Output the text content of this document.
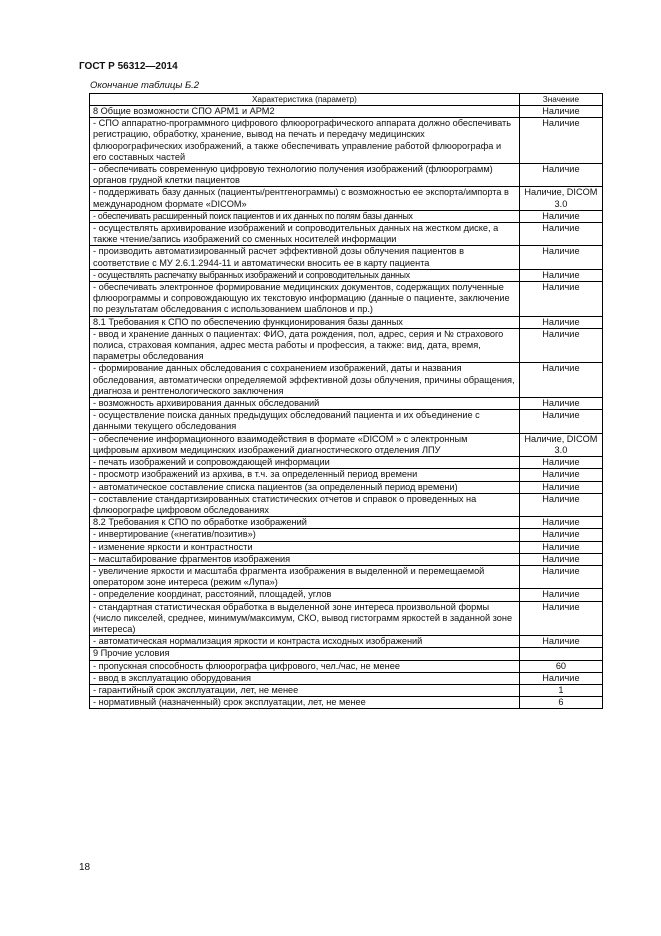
ГОСТ Р 56312—2014
Окончание таблицы Б.2
Характеристика (параметр)	Значение
8 Общие возможности СПО АРМ1 и АРМ2	Наличие
- СПО аппаратно-программного цифрового флюорографического аппарата должно обеспечивать регистрацию, обработку, хранение, вывод на печать и передачу медицинских флюорографических изображений, а также обеспечивать управление работой флюорографа и его составных частей	Наличие
- обеспечивать современную цифровую технологию получения изображений (флюорограмм) органов грудной клетки пациентов	Наличие
- поддерживать базу данных (пациенты/рентгенограммы) с возможностью ее экспорта/импорта в международном формате «DICOM»	Наличие, DICOM 3.0
- обеспечивать расширенный поиск пациентов и их данных по полям базы данных	Наличие
- осуществлять архивирование изображений и сопроводительных данных на жестком диске, а также чтение/запись изображений со сменных носителей информации	Наличие
- производить автоматизированный расчет эффективной дозы облучения пациентов в соответствие с МУ 2.6.1.2944-11 и автоматически вносить ее в карту пациента	Наличие
- осуществлять распечатку выбранных изображений и сопроводительных данных	Наличие
- обеспечивать электронное формирование медицинских документов, содержащих полученные флюорограммы и сопровождающую их текстовую информацию (данные о пациенте, заключение по результатам обследования с использованием шаблонов и пр.)	Наличие
8.1 Требования к СПО по обеспечению функционирования базы данных	Наличие
- ввод и хранение данных о пациентах: ФИО, дата рождения, пол, адрес, серия и № страхового полиса, страховая компания, адрес места работы и профессия, а также: вид, дата, время, параметры обследования	Наличие
- формирование данных обследования с сохранением изображений, даты и названия обследования, автоматически определяемой эффективной дозы облучения, причины обращения, диагноза и рентгенологического заключения	Наличие
- возможность архивирования данных обследований	Наличие
- осуществление поиска данных предыдущих обследований пациента и их объединение с данными текущего обследования	Наличие
- обеспечение информационного взаимодействия в формате «DICOM » с электронным цифровым архивом медицинских изображений диагностического отделения ЛПУ	Наличие, DICOM 3.0
- печать изображений и сопровождающей информации	Наличие
- просмотр изображений из архива, в т.ч. за определенный период времени	Наличие
- автоматическое составление списка пациентов (за определенный период времени)	Наличие
- составление стандартизированных статистических отчетов и справок о проведенных на флюорографе цифровом обследованиях	Наличие
8.2 Требования к СПО по обработке изображений	Наличие
- инвертирование («негатив/позитив»)	Наличие
- изменение яркости и контрастности	Наличие
- масштабирование фрагментов изображения	Наличие
- увеличение яркости и масштаба фрагмента изображения в выделенной и перемещаемой оператором зоне интереса (режим «Лупа»)	Наличие
- определение координат, расстояний, площадей, углов	Наличие
- стандартная статистическая обработка в выделенной зоне интереса произвольной формы (число пикселей, среднее, минимум/максимум, СКО, вывод гистограмм яркостей в заданной зоне интереса)	Наличие
- автоматическая нормализация яркости и контраста исходных изображений	Наличие
9 Прочие условия	
- пропускная способность флюорографа цифрового, чел./час, не менее	60
- ввод в эксплуатацию оборудования	Наличие
- гарантийный срок эксплуатации, лет, не менее	1
- нормативный (назначенный) срок эксплуатации, лет, не менее	6
18
